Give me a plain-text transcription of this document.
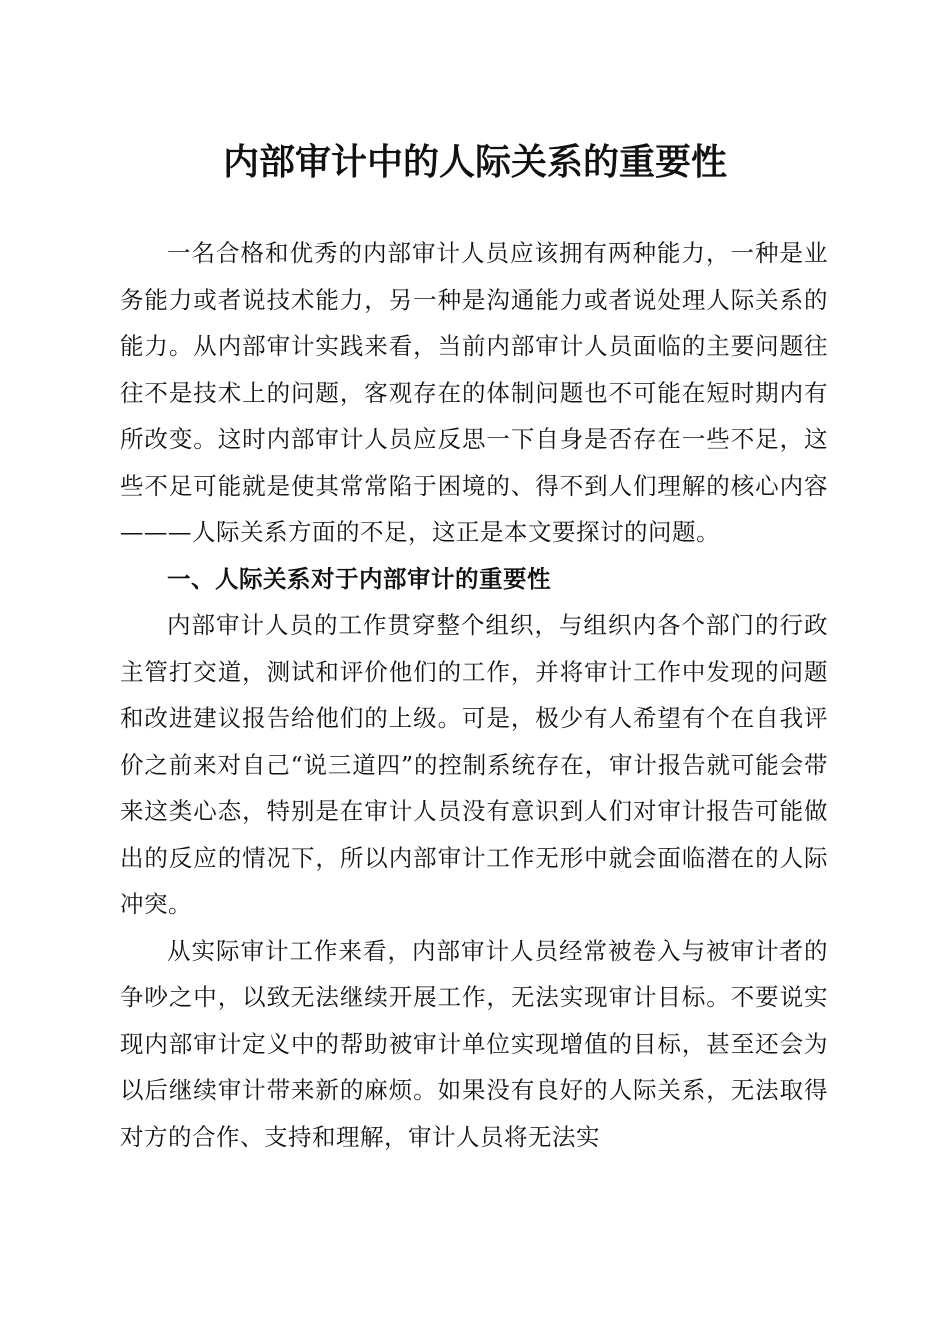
内部审计中的人际关系的重要性

一名合格和优秀的内部审计人员应该拥有两种能力，一种是业务能力或者说技术能力，另一种是沟通能力或者说处理人际关系的能力。从内部审计实践来看，当前内部审计人员面临的主要问题往往不是技术上的问题，客观存在的体制问题也不可能在短时期内有所改变。这时内部审计人员应反思一下自身是否存在一些不足，这些不足可能就是使其常常陷于困境的、得不到人们理解的核心内容———人际关系方面的不足，这正是本文要探讨的问题。

一、人际关系对于内部审计的重要性

内部审计人员的工作贯穿整个组织，与组织内各个部门的行政主管打交道，测试和评价他们的工作，并将审计工作中发现的问题和改进建议报告给他们的上级。可是，极少有人希望有个在自我评价之前来对自己“说三道四”的控制系统存在，审计报告就可能会带来这类心态，特别是在审计人员没有意识到人们对审计报告可能做出的反应的情况下，所以内部审计工作无形中就会面临潜在的人际冲突。

从实际审计工作来看，内部审计人员经常被卷入与被审计者的争吵之中，以致无法继续开展工作，无法实现审计目标。不要说实现内部审计定义中的帮助被审计单位实现增值的目标，甚至还会为以后继续审计带来新的麻烦。如果没有良好的人际关系，无法取得对方的合作、支持和理解，审计人员将无法实
